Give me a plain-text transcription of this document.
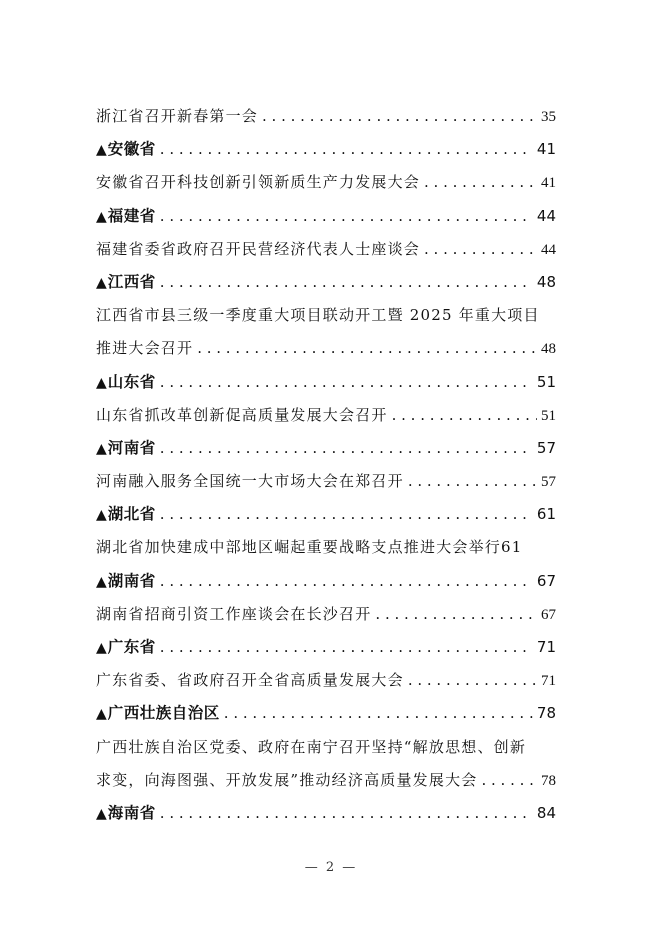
浙江省召开新春第一会 . . .	35
▲ 安徽省 . . .	41
安徽省召开科技创新引领新质生产力发展大会 . . .	41
▲ 福建省 . . .	44
福建省委省政府召开民营经济代表人士座谈会 . . .	44
▲ 江西省 . . .	48
江西省市县三级一季度重大项目联动开工暨 2025 年重大项目
推进大会召开 . . .	48
▲ 山东省 . . .	51
山东省抓改革创新促高质量发展大会召开 . . .	51
▲ 河南省 . . .	57
河南融入服务全国统一大市场大会在郑召开 . . .	57
▲ 湖北省 . . .	61
湖北省加快建成中部地区崛起重要战略支点推进大会举行61
▲ 湖南省 . . .	67
湖南省招商引资工作座谈会在长沙召开 . . .	67
▲ 广东省 . . .	71
广东省委、省政府召开全省高质量发展大会 . . .	71
▲ 广西壮族自治区 . . .	78
广西壮族自治区党委、政府在南宁召开坚持“解放思想、创新
求变，向海图强、开放发展”推动经济高质量发展大会 . . .	78
▲ 海南省 . . .	84
— 2 —
